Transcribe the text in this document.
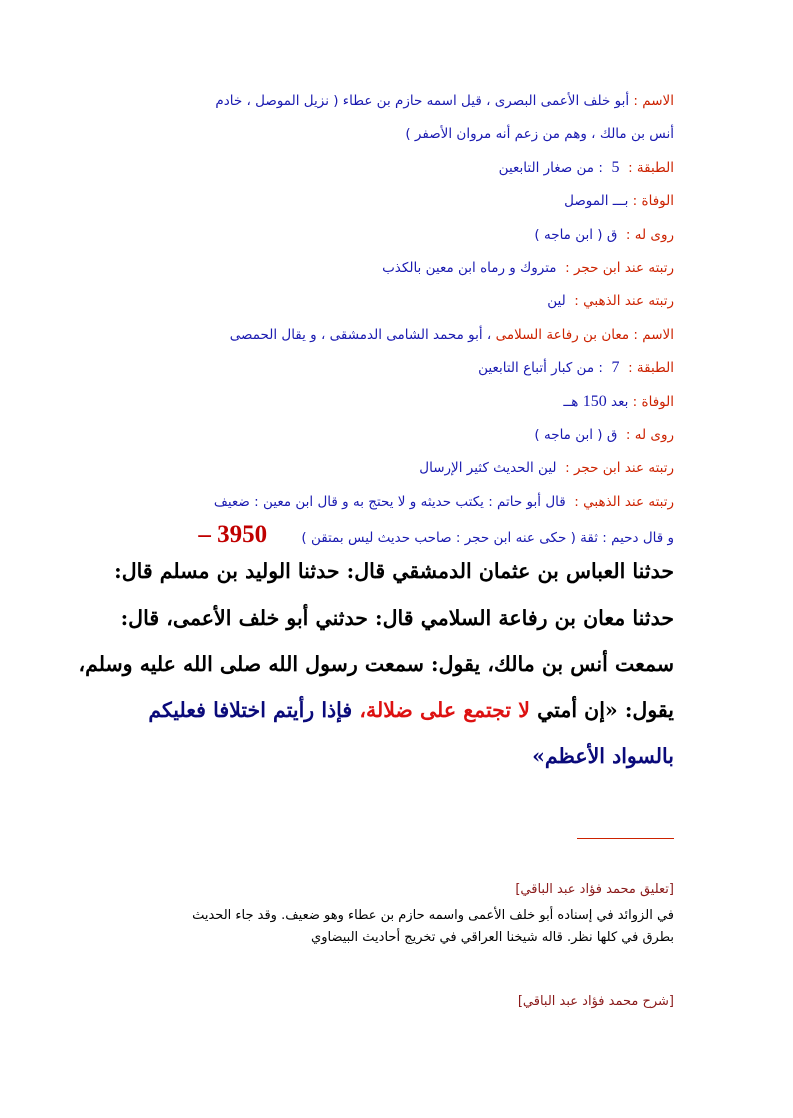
الاسم : أبو خلف الأعمى البصرى ، قيل اسمه حازم بن عطاء ( نزيل الموصل ، خادم
أنس بن مالك ، وهم من زعم أنه مروان الأصفر )
الطبقة :  5  : من صغار التابعين
الوفاة : بـــ الموصل
روى له :  ق ( ابن ماجه )
رتبته عند ابن حجر :  متروك و رماه ابن معين بالكذب
رتبته عند الذهبي :  لين
الاسم : معان بن رفاعة السلامى ، أبو محمد الشامى الدمشقى ، و يقال الحمصى
الطبقة :  7  : من كبار أتباع التابعين
الوفاة : بعد 150 هــ
روى له :  ق ( ابن ماجه )
رتبته عند ابن حجر :  لين الحديث كثير الإرسال
رتبته عند الذهبي :  قال أبو حاتم : يكتب حديثه و لا يحتج به و قال ابن معين : ضعيف
و قال دحيم : ثقة ( حكى عنه ابن حجر : صاحب حديث ليس بمتقن ) 3950 –
حدثنا العباس بن عثمان الدمشقي قال: حدثنا الوليد بن مسلم قال:
حدثنا معان بن رفاعة السلامي قال: حدثني أبو خلف الأعمى، قال:
سمعت أنس بن مالك، يقول: سمعت رسول الله صلى الله عليه وسلم،
يقول: «إن أمتي لا تجتمع على ضلالة، فإذا رأيتم اختلافا فعليكم
بالسواد الأعظم»
[تعليق محمد فؤاد عبد الباقي]
في الزوائد في إسناده أبو خلف الأعمى واسمه حازم بن عطاء وهو ضعيف. وقد جاء الحديث
بطرق في كلها نظر. قاله شيخنا العراقي في تخريج أحاديث البيضاوي
[شرح محمد فؤاد عبد الباقي]
